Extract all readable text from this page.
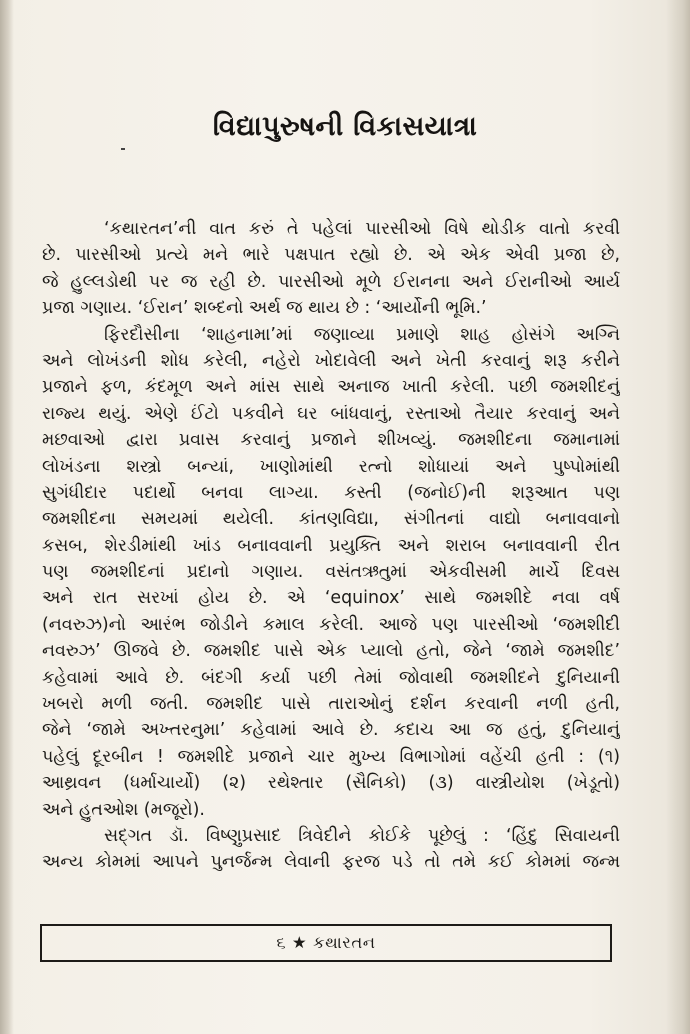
વિદ્યાપુરુષની વિકાસયાત્રા
‘કથારતન’ની વાત કરું તે પહેલાં પારસીઓ વિષે થોડીક વાતો કરવી
છે. પારસીઓ પ્રત્યે મને ભારે પક્ષપાત રહ્યો છે. એ એક એવી પ્રજા છે,
જે હુલ્લડોથી પર જ રહી છે. પારસીઓ મૂળે ઈરાનના અને ઈરાનીઓ આર્ય
પ્રજા ગણાય. ‘ઈરાન’ શબ્દનો અર્થ જ થાય છે : ‘આર્યોની ભૂમિ.’
ફિરદૌસીના ‘શાહનામા’માં જણાવ્યા પ્રમાણે શાહ હોસંગે અગ્નિ
અને લોખંડની શોધ કરેલી, નહેરો ખોદાવેલી અને ખેતી કરવાનું શરૂ કરીને
પ્રજાને ફળ, કંદમૂળ અને માંસ સાથે અનાજ ખાતી કરેલી. પછી જમશીદનું
રાજ્ય થયું. એણે ઈંટો પકવીને ઘર બાંધવાનું, રસ્તાઓ તૈયાર કરવાનું અને
મછવાઓ દ્વારા પ્રવાસ કરવાનું પ્રજાને શીખવ્યું. જમશીદના જમાનામાં
લોખંડના શસ્ત્રો બન્યાં, ખાણોમાંથી રત્નો શોધાયાં અને પુષ્પોમાંથી
સુગંધીદાર પદાર્થો બનવા લાગ્યા. કસ્તી (જનોઈ)ની શરૂઆત પણ
જમશીદના સમયમાં થયેલી. કાંતણવિદ્યા, સંગીતનાં વાદ્યો બનાવવાનો
કસબ, શેરડીમાંથી ખાંડ બનાવવાની પ્રયુક્તિ અને શરાબ બનાવવાની રીત
પણ જમશીદનાં પ્રદાનો ગણાય. વસંતઋતુમાં એકવીસમી માર્ચે દિવસ
અને રાત સરખાં હોય છે. એ ‘equinox’ સાથે જમશીદે નવા વર્ષ
(નવરુઝ)નો આરંભ જોડીને કમાલ કરેલી. આજે પણ પારસીઓ ‘જમશીદી
નવરુઝ’ ઊજવે છે. જમશીદ પાસે એક પ્યાલો હતો, જેને ‘જામે જમશીદ’
કહેવામાં આવે છે. બંદગી કર્યા પછી તેમાં જોવાથી જમશીદને દુનિયાની
ખબરો મળી જતી. જમશીદ પાસે તારાઓનું દર્શન કરવાની નળી હતી,
જેને ‘જામે અખ્તરનુમા’ કહેવામાં આવે છે. કદાચ આ જ હતું, દુનિયાનું
પહેલું દૂરબીન ! જમશીદે પ્રજાને ચાર મુખ્ય વિભાગોમાં વહેંચી હતી : (૧)
આથ્રવન (ધર્માચાર્યો) (૨) રથેશ્તાર (સૈનિકો) (૩) વાસ્ત્રીયોશ (ખેડૂતો)
અને હુતઓશ (મજૂરો).
સદ્ગત ડૉ. વિષ્ણુપ્રસાદ ત્રિવેદીને કોઈકે પૂછેલું : ‘હિંદુ સિવાયની
અન્ય કોમમાં આપને પુનર્જન્મ લેવાની ફરજ પડે તો તમે કઈ કોમમાં જન્મ
૬ ★ કથારતન
